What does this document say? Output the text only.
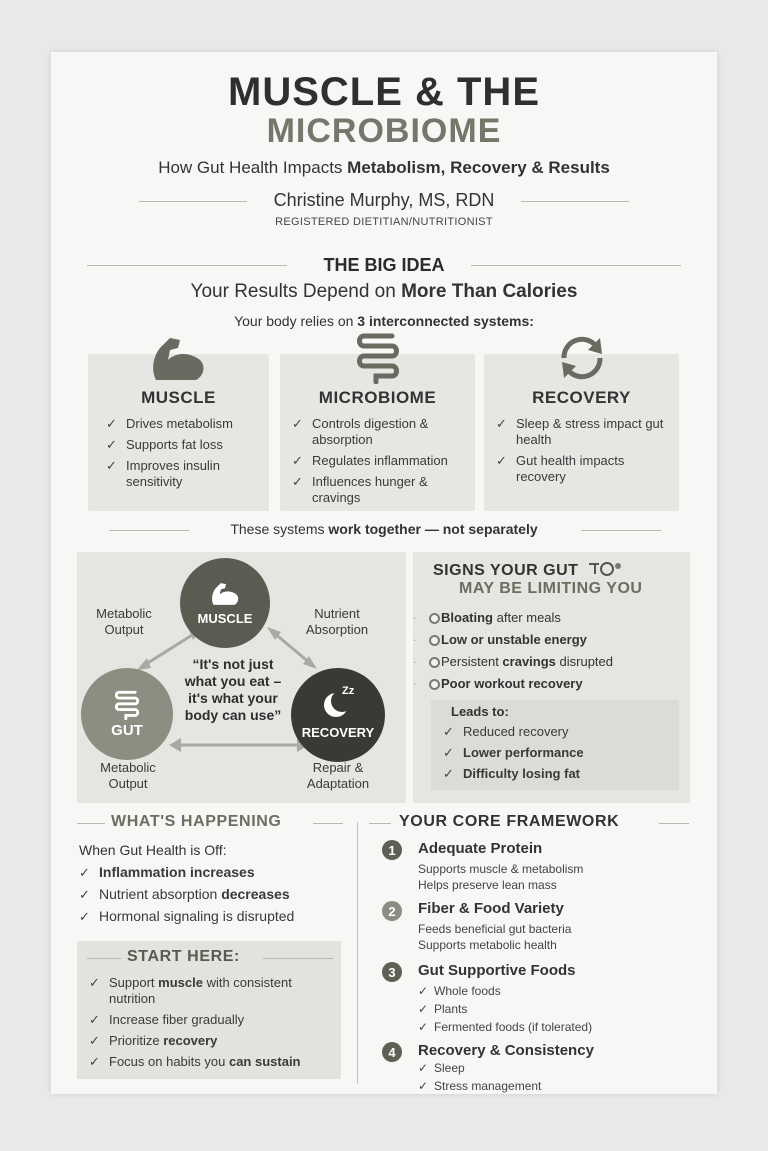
MUSCLE & THE
MICROBIOME
How Gut Health Impacts Metabolism, Recovery & Results
Christine Murphy, MS, RDN
REGISTERED DIETITIAN/NUTRITIONIST
THE BIG IDEA
Your Results Depend on More Than Calories
Your body relies on 3 interconnected systems:
MUSCLE
✓ Drives metabolism
✓ Supports fat loss
✓ Improves insulin sensitivity
MICROBIOME
✓ Controls digestion & absorption
✓ Regulates inflammation
✓ Influences hunger & cravings
RECOVERY
✓ Sleep & stress impact gut health
✓ Gut health impacts recovery
These systems work together — not separately
MUSCLE
GUT
Zz
RECOVERY
Metabolic Output
Nutrient Absorption
Metabolic Output
Repair & Adaptation
“It's not just what you eat – it's what your body can use”
SIGNS YOUR GUT
MAY BE LIMITING YOU
· Bloating after meals
· Low or unstable energy
· Persistent cravings disrupted
· Poor workout recovery
Leads to:
✓ Reduced recovery
✓ Lower performance
✓ Difficulty losing fat
WHAT'S HAPPENING
When Gut Health is Off:
✓ Inflammation increases
✓ Nutrient absorption decreases
✓ Hormonal signaling is disrupted
START HERE:
✓ Support muscle with consistent nutrition
✓ Increase fiber gradually
✓ Prioritize recovery
✓ Focus on habits you can sustain
YOUR CORE FRAMEWORK
1	Adequate Protein
Supports muscle & metabolism
Helps preserve lean mass
2	Fiber & Food Variety
Feeds beneficial gut bacteria
Supports metabolic health
3	Gut Supportive Foods
✓ Whole foods
✓ Plants
✓ Fermented foods (if tolerated)
4	Recovery & Consistency
✓ Sleep
✓ Stress management
